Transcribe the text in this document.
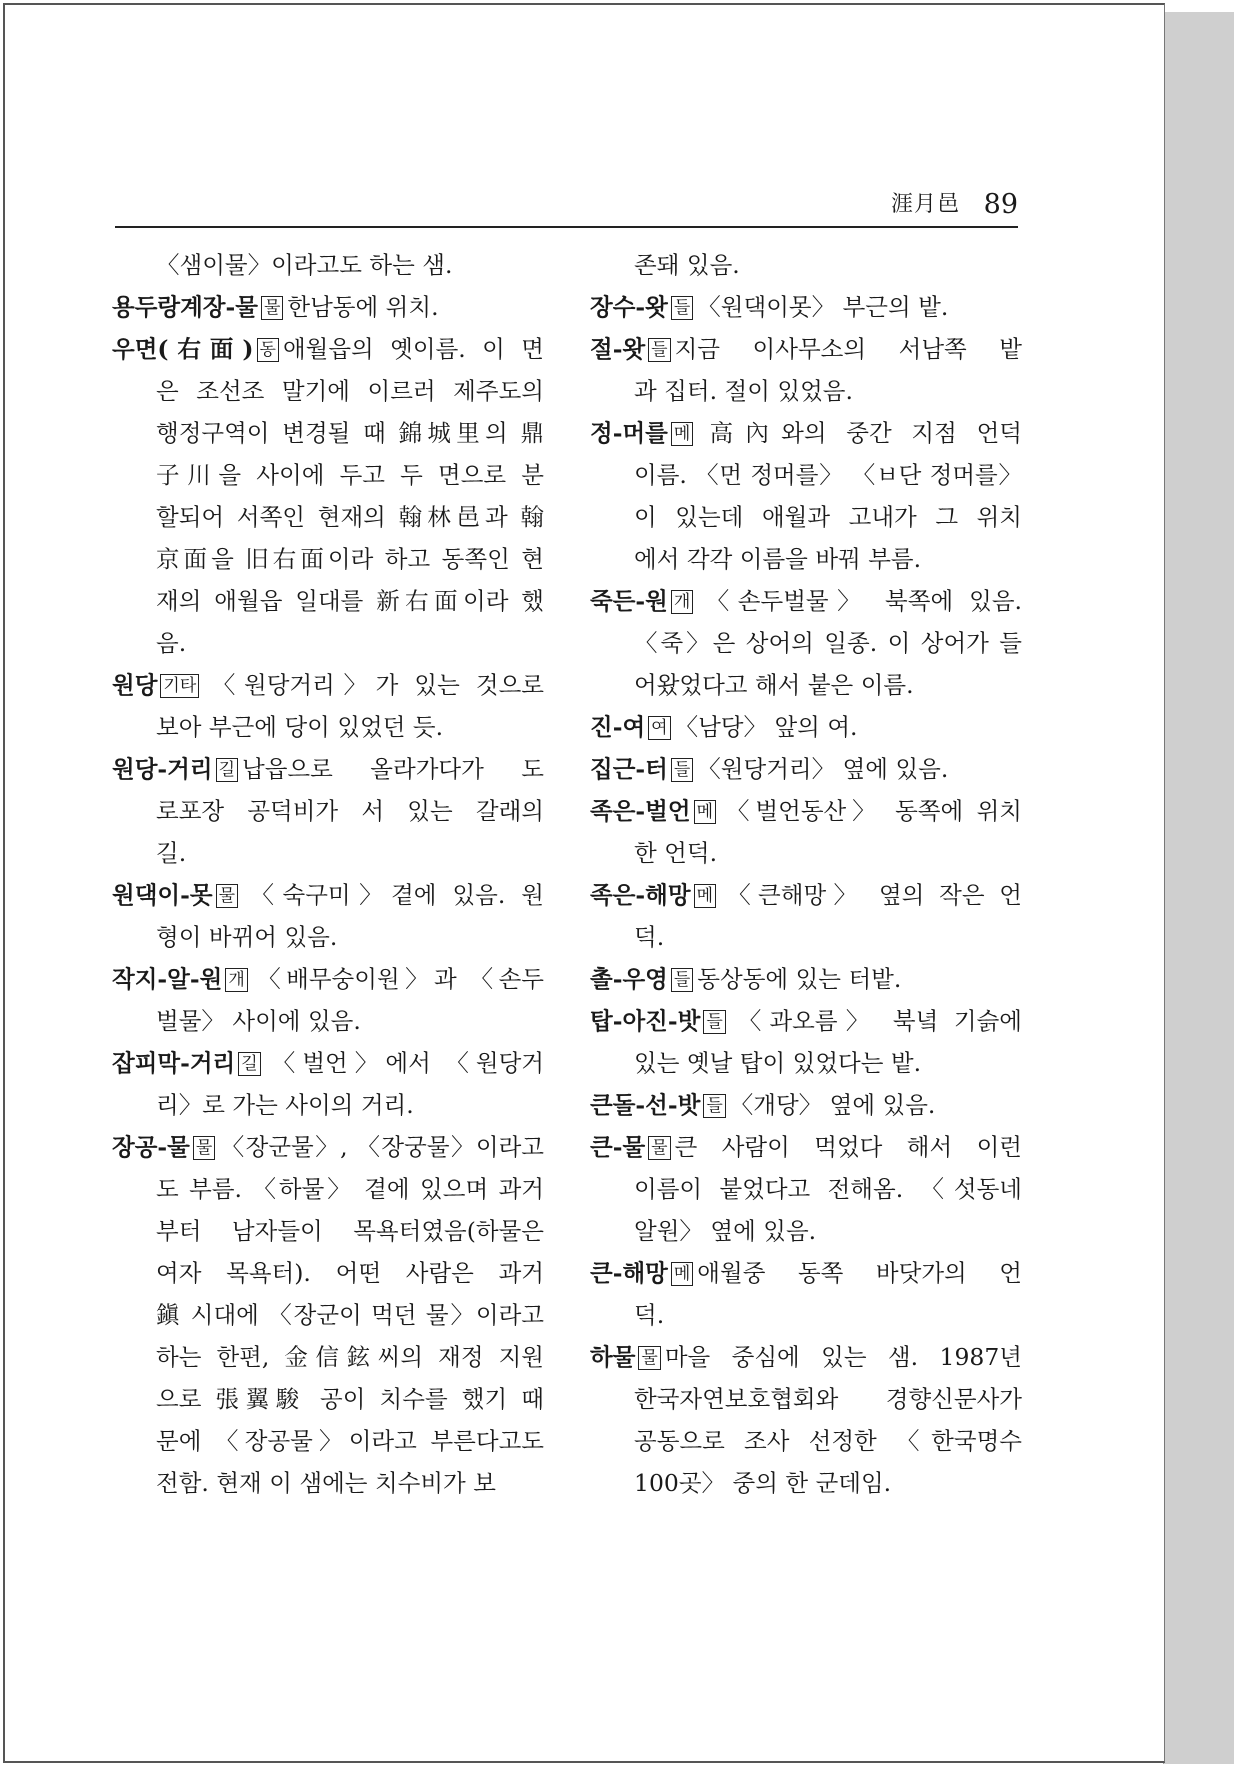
涯月邑 89
〈샘이물〉이라고도 하는 샘.
용두랑계장-물 물 한남동에 위치.
우면(右面) 동 애월읍의 옛이름. 이 면
은 조선조 말기에 이르러 제주도의
행정구역이 변경될 때 錦城里의 鼎
子川을 사이에 두고 두 면으로 분
할되어 서쪽인 현재의 翰林邑과 翰
京面을 旧右面이라 하고 동쪽인 현
재의 애월읍 일대를 新右面이라 했
음.
원당 기타 〈원당거리〉가 있는 것으로
보아 부근에 당이 있었던 듯.
원당-거리 길 납읍으로 올라가다가 도
로포장 공덕비가 서 있는 갈래의
길.
원댁이-못 물 〈숙구미〉곁에 있음. 원
형이 바뀌어 있음.
작지-알-원 개 〈배무숭이원〉과 〈손두
벌물〉 사이에 있음.
잡피막-거리 길 〈벌언〉에서 〈원당거
리〉로 가는 사이의 거리.
장공-물 물 〈장군물〉, 〈장궁물〉이라고
도 부름. 〈하물〉 곁에 있으며 과거
부터 남자들이 목욕터였음(하물은
여자 목욕터). 어떤 사람은 과거
鎭 시대에 〈장군이 먹던 물〉이라고
하는 한편, 金信鉉씨의 재정 지원
으로 張翼駿 공이 치수를 했기 때
문에 〈장공물〉이라고 부른다고도
전함. 현재 이 샘에는 치수비가 보
존돼 있음.
장수-왓 들 〈원댁이못〉 부근의 밭.
절-왓 들 지금 이사무소의 서남쪽 밭
과 집터. 절이 있었음.
정-머를 메 高內와의 중간 지점 언덕
이름. 〈먼 정머를〉 〈ㅂ단 정머를〉
이 있는데 애월과 고내가 그 위치
에서 각각 이름을 바꿔 부름.
죽든-원 개 〈손두벌물〉 북쪽에 있음.
〈죽〉은 상어의 일종. 이 상어가 들
어왔었다고 해서 붙은 이름.
진-여 여 〈남당〉 앞의 여.
집근-터 들 〈원당거리〉 옆에 있음.
족은-벌언 메 〈벌언동산〉 동쪽에 위치
한 언덕.
족은-해망 메 〈큰해망〉 옆의 작은 언
덕.
촐-우영 들 동상동에 있는 터밭.
탑-아진-밧 들 〈과오름〉 북녘 기슭에
있는 옛날 탑이 있었다는 밭.
큰돌-선-밧 들 〈개당〉 옆에 있음.
큰-물 물 큰 사람이 먹었다 해서 이런
이름이 붙었다고 전해옴. 〈섯동네
알원〉 옆에 있음.
큰-해망 메 애월중 동쪽 바닷가의 언
덕.
하물 물 마을 중심에 있는 샘. 1987년
한국자연보호협회와 경향신문사가
공동으로 조사 선정한 〈한국명수
100곳〉 중의 한 군데임.
